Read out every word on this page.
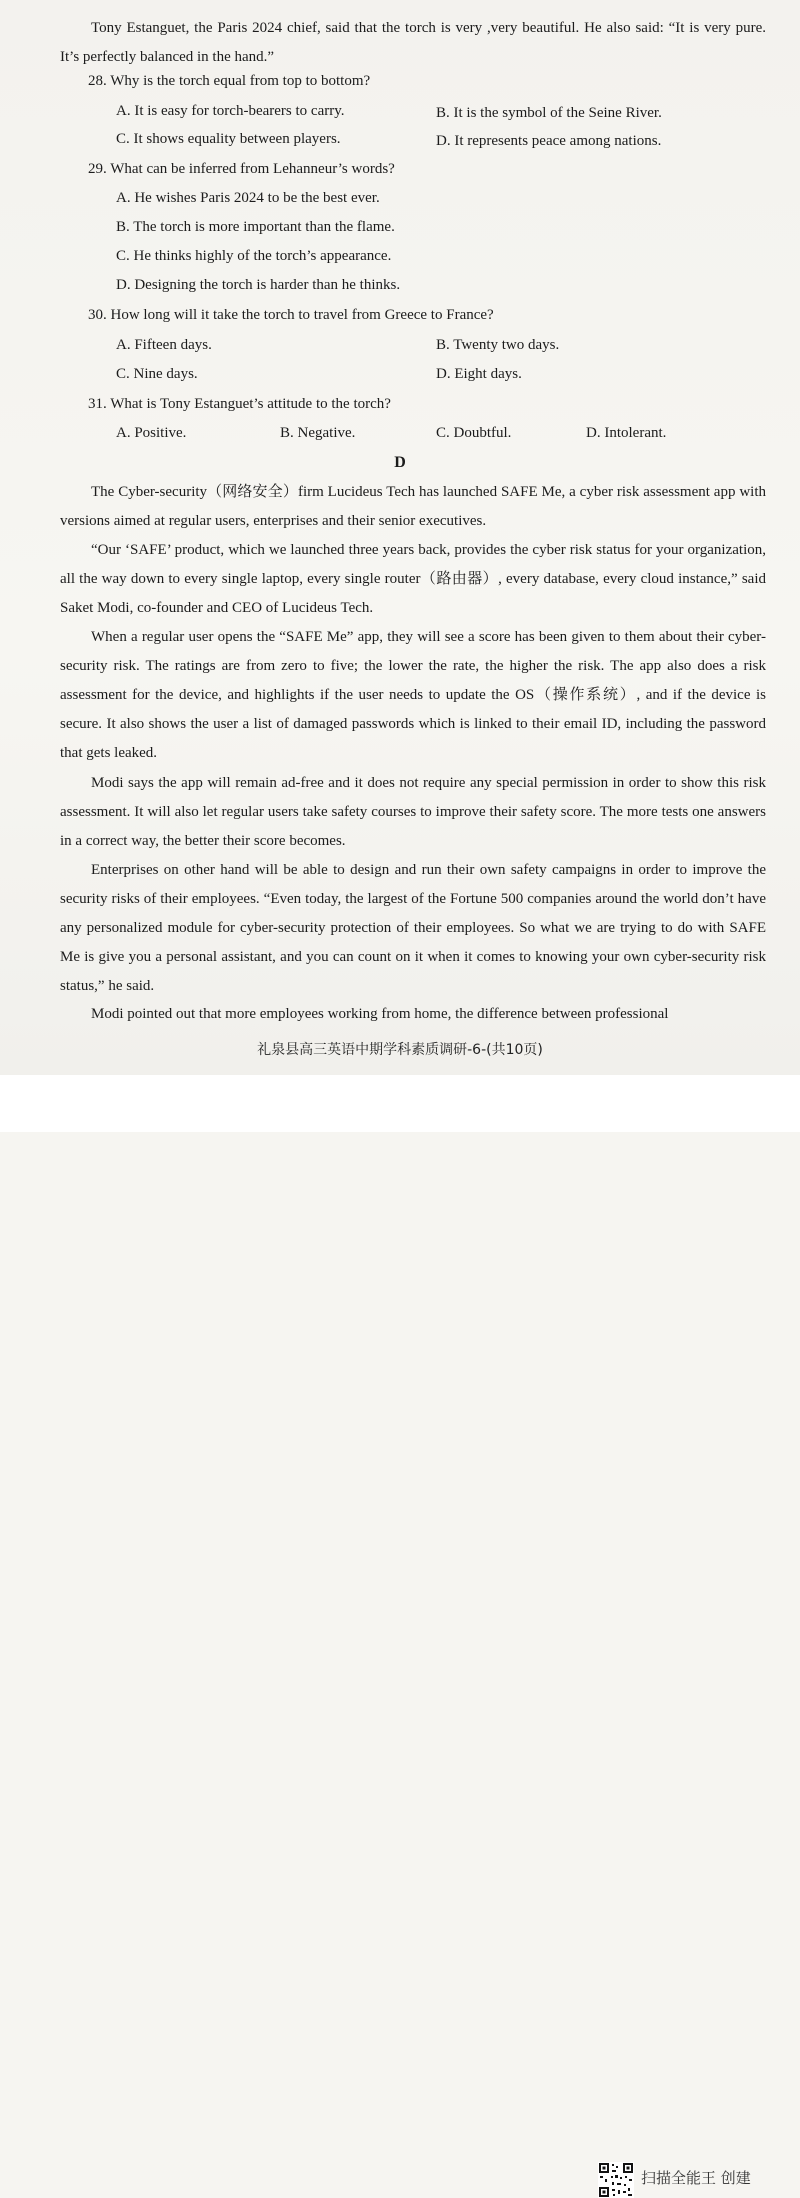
Tony Estanguet, the Paris 2024 chief, said that the torch is very ,very beautiful. He also said: “It is very pure. It’s perfectly balanced in the hand.”

28. Why is the torch equal from top to bottom?

A. It is easy for torch-bearers to carry.	B. It is the symbol of the Seine River.

C. It shows equality between players.	D. It represents peace among nations.

29. What can be inferred from Lehanneur’s words?

A. He wishes Paris 2024 to be the best ever.

B. The torch is more important than the flame.

C. He thinks highly of the torch’s appearance.

D. Designing the torch is harder than he thinks.

30. How long will it take the torch to travel from Greece to France?

A. Fifteen days.	B. Twenty two days.

C. Nine days.	D. Eight days.

31. What is Tony Estanguet’s attitude to the torch?

A. Positive.	B. Negative.	C. Doubtful.	D. Intolerant.

D

The Cyber-security（网络安全）firm Lucideus Tech has launched SAFE Me, a cyber risk assessment app with versions aimed at regular users, enterprises and their senior executives.

“Our ‘SAFE’ product, which we launched three years back, provides the cyber risk status for your organization, all the way down to every single laptop, every single router（路由器）, every database, every cloud instance,” said Saket Modi, co-founder and CEO of Lucideus Tech.

When a regular user opens the “SAFE Me” app, they will see a score has been given to them about their cyber-security risk. The ratings are from zero to five; the lower the rate, the higher the risk. The app also does a risk assessment for the device, and highlights if the user needs to update the OS（操作系统）, and if the device is secure. It also shows the user a list of damaged passwords which is linked to their email ID, including the password that gets leaked.

Modi says the app will remain ad-free and it does not require any special permission in order to show this risk assessment. It will also let regular users take safety courses to improve their safety score. The more tests one answers in a correct way, the better their score becomes.

Enterprises on other hand will be able to design and run their own safety campaigns in order to improve the security risks of their employees. “Even today, the largest of the Fortune 500 companies around the world don’t have any personalized module for cyber-security protection of their employees. So what we are trying to do with SAFE Me is give you a personal assistant, and you can count on it when it comes to knowing your own cyber-security risk status,” he said.

Modi pointed out that more employees working from home, the difference between professional

礼泉县高三英语中期学科素质调研-6-(共10页)
扫描全能王 创建
